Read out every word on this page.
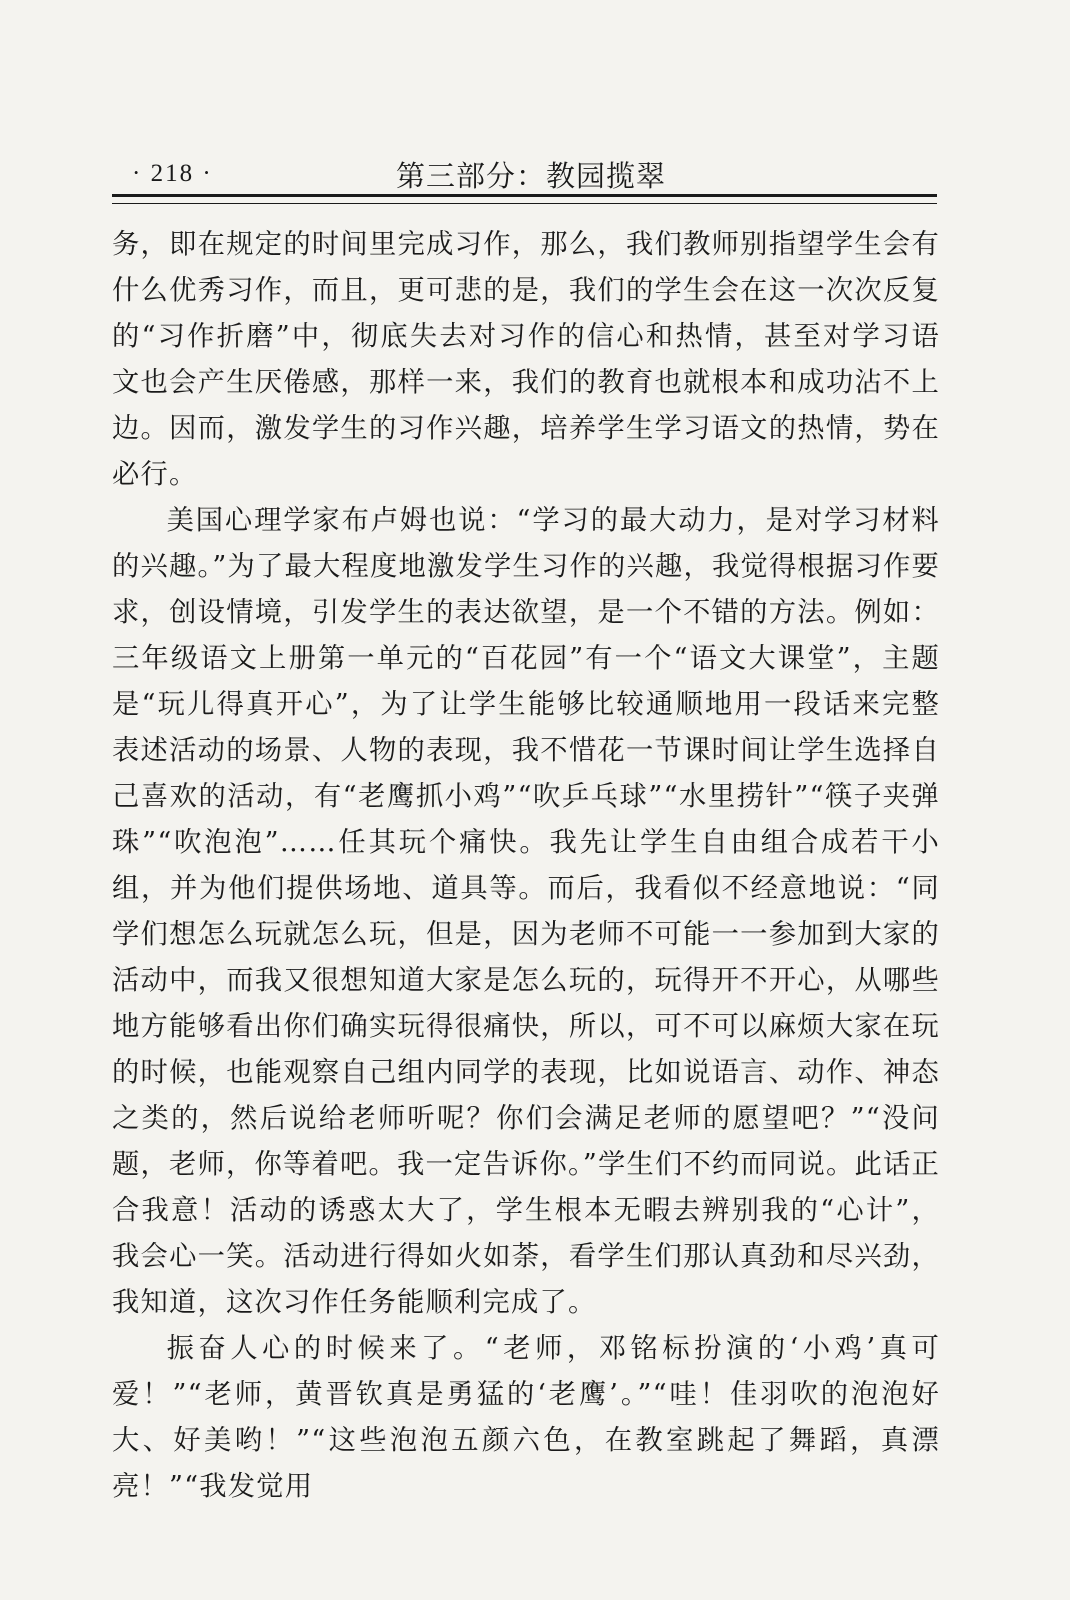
· 218 ·	第三部分：教园揽翠

务，即在规定的时间里完成习作，那么，我们教师别指望学生会有什么优秀习作，而且，更可悲的是，我们的学生会在这一次次反复的“习作折磨”中，彻底失去对习作的信心和热情，甚至对学习语文也会产生厌倦感，那样一来，我们的教育也就根本和成功沾不上边。因而，激发学生的习作兴趣，培养学生学习语文的热情，势在必行。

美国心理学家布卢姆也说：“学习的最大动力，是对学习材料的兴趣。”为了最大程度地激发学生习作的兴趣，我觉得根据习作要求，创设情境，引发学生的表达欲望，是一个不错的方法。例如：三年级语文上册第一单元的“百花园”有一个“语文大课堂”，主题是“玩儿得真开心”，为了让学生能够比较通顺地用一段话来完整表述活动的场景、人物的表现，我不惜花一节课时间让学生选择自己喜欢的活动，有“老鹰抓小鸡”“吹乒乓球”“水里捞针”“筷子夹弹珠”“吹泡泡”……任其玩个痛快。我先让学生自由组合成若干小组，并为他们提供场地、道具等。而后，我看似不经意地说：“同学们想怎么玩就怎么玩，但是，因为老师不可能一一参加到大家的活动中，而我又很想知道大家是怎么玩的，玩得开不开心，从哪些地方能够看出你们确实玩得很痛快，所以，可不可以麻烦大家在玩的时候，也能观察自己组内同学的表现，比如说语言、动作、神态之类的，然后说给老师听呢？你们会满足老师的愿望吧？”“没问题，老师，你等着吧。我一定告诉你。”学生们不约而同说。此话正合我意！活动的诱惑太大了，学生根本无暇去辨别我的“心计”，我会心一笑。活动进行得如火如荼，看学生们那认真劲和尽兴劲，我知道，这次习作任务能顺利完成了。

振奋人心的时候来了。“老师，邓铭标扮演的‘小鸡’真可爱！”“老师，黄晋钦真是勇猛的‘老鹰’。”“哇！佳羽吹的泡泡好大、好美哟！”“这些泡泡五颜六色，在教室跳起了舞蹈，真漂亮！”“我发觉用
